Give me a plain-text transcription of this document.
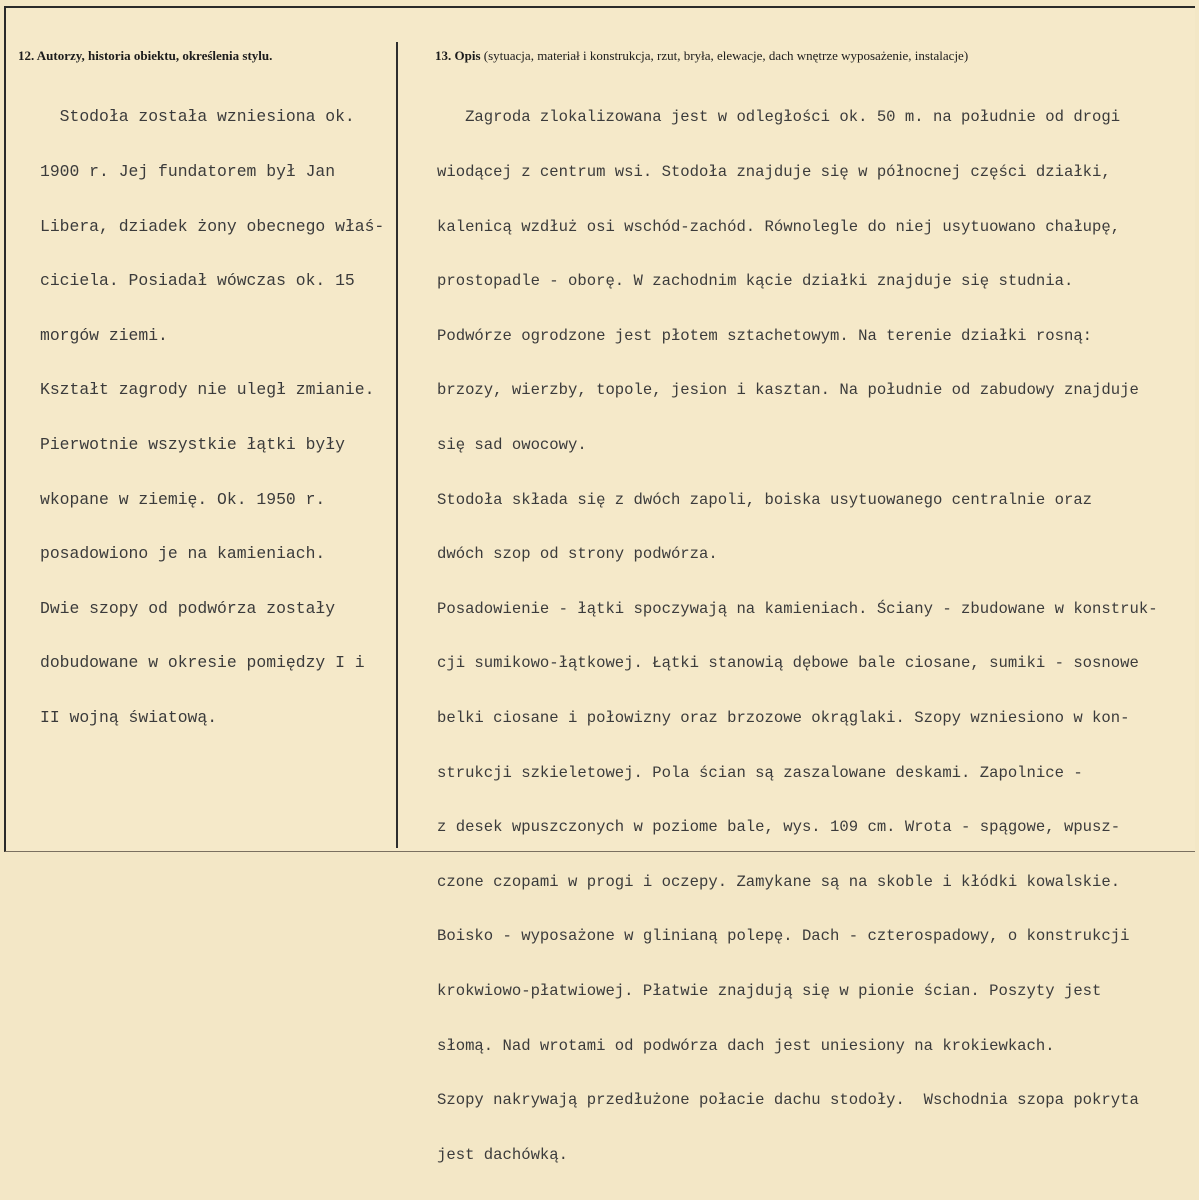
12. Autorzy, historia obiektu, określenia stylu.	13. Opis (sytuacja, materiał i konstrukcja, rzut, bryła, elewacje, dach wnętrze wyposażenie, instalacje)

Stodoła została wzniesiona ok.

1900 r. Jej fundatorem był Jan

Libera, dziadek żony obecnego właś-

ciciela. Posiadał wówczas ok. 15

morgów ziemi.

Kształt zagrody nie uległ zmianie.

Pierwotnie wszystkie łątki były

wkopane w ziemię. Ok. 1950 r.

posadowiono je na kamieniach.

Dwie szopy od podwórza zostały

dobudowane w okresie pomiędzy I i

II wojną światową.

Zagroda zlokalizowana jest w odległości ok. 50 m. na południe od drogi

wiodącej z centrum wsi. Stodoła znajduje się w północnej części działki,

kalenicą wzdłuż osi wschód-zachód. Równolegle do niej usytuowano chałupę,

prostopadle - oborę. W zachodnim kącie działki znajduje się studnia.

Podwórze ogrodzone jest płotem sztachetowym. Na terenie działki rosną:

brzozy, wierzby, topole, jesion i kasztan. Na południe od zabudowy znajduje

się sad owocowy.

Stodoła składa się z dwóch zapoli, boiska usytuowanego centralnie oraz

dwóch szop od strony podwórza.

Posadowienie - łątki spoczywają na kamieniach. Ściany - zbudowane w konstruk-

cji sumikowo-łątkowej. Łątki stanowią dębowe bale ciosane, sumiki - sosnowe

belki ciosane i połowizny oraz brzozowe okrąglaki. Szopy wzniesiono w kon-

strukcji szkieletowej. Pola ścian są zaszalowane deskami. Zapolnice -

z desek wpuszczonych w poziome bale, wys. 109 cm. Wrota - spągowe, wpusz-

czone czopami w progi i oczepy. Zamykane są na skoble i kłódki kowalskie.

Boisko - wyposażone w glinianą polepę. Dach - czterospadowy, o konstrukcji

krokwiowo-płatwiowej. Płatwie znajdują się w pionie ścian. Poszyty jest

słomą. Nad wrotami od podwórza dach jest uniesiony na krokiewkach.

Szopy nakrywają przedłużone połacie dachu stodoły.  Wschodnia szopa pokryta

jest dachówką.
